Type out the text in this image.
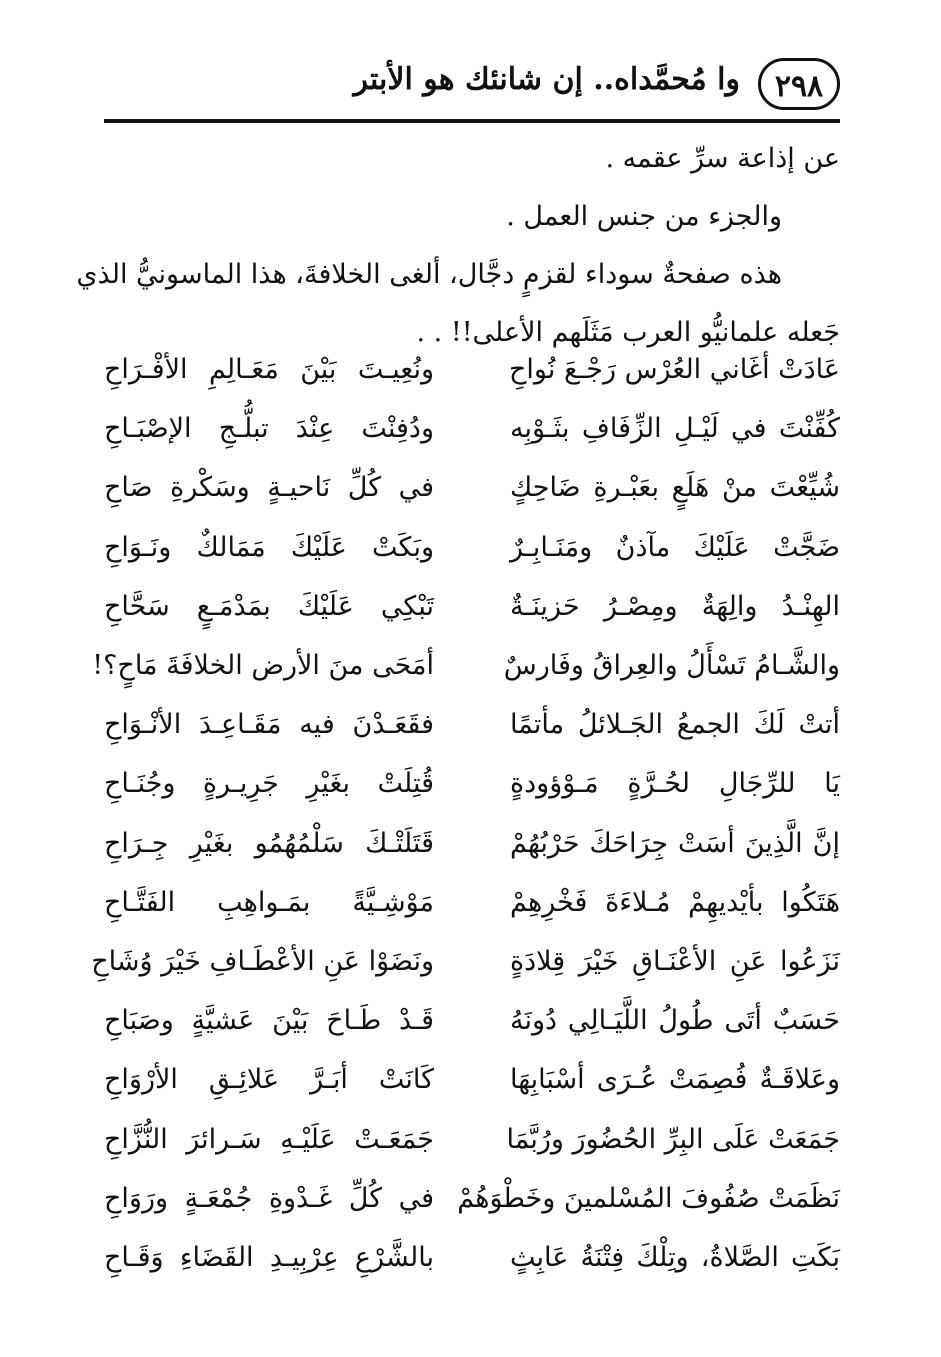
٢٩٨
وا مُحمَّداه.. إن شانئك هو الأبتر

عن إذاعة سرِّ عقمه .

والجزء من جنس العمل .

هذه صفحةٌ سوداء لقزمٍ دجَّال، ألغى الخلافةَ، هذا الماسونيُّ الذي

جَعله علمانيُّو العرب مَثَلَهم الأعلى!! . .

عَادَتْ أغَاني العُرْس رَجْـعَ نُواحِ
ونُعِيـتَ بَيْنَ مَعَـالِمِ الأفْـرَاحِ
كُفِّنْتَ في لَيْـلِ الزِّفَافِ بثَـوْبِه
ودُفِنْتَ عِنْدَ تبلُّـجِ الإصْبَـاحِ
شُيِّعْتَ منْ هَلَعٍ بعَبْـرةِ ضَاحِكٍ
في كُلِّ نَاحيـةٍ وسَكْرةِ صَاحِ
ضَجَّتْ عَلَيْكَ مآذنٌ ومَنَـابِـرٌ
وبَكَتْ عَلَيْكَ مَمَالكٌ ونَـوَاحِ
الهِنْـدُ والِهَةٌ ومِصْـرُ حَزينَـةٌ
تَبْكِي عَلَيْكَ بمَدْمَـعٍ سَحَّاحِ
والشَّـامُ تَسْأَلُ والعِراقُ وفَارسٌ
أمَحَى منَ الأرض الخلافَةَ مَاحٍ؟!
أتتْ لَكَ الجمعُ الجَـلائلُ مأتمًا
فقَعَـدْنَ فيه مَقَـاعِـدَ الأنْـوَاحِ
يَا للرِّجَالِ لحُـرَّةٍ مَـوْؤودةٍ
قُتِلَتْ بغَيْرِ جَرِيـرةٍ وجُنَـاحِ
إنَّ الَّذِينَ أسَتْ جِرَاحَكَ حَرْبُهُمْ
قَتَلَتْـكَ سَلْمُهُمُو بغَيْرِ جِـرَاحِ
هَتَكُوا بأيْديهِمْ مُـلاءَةَ فَخْرِهِمْ
مَوْشِـيَّةً بمَـواهِبِ الفَتَّـاحِ
نَزَعُوا عَنِ الأعْنَـاقِ خَيْرَ قِلادَةٍ
ونَضَوْا عَنِ الأعْطَـافِ خَيْرَ وُشَاحِ
حَسَبٌ أتَى طُولُ اللَّيَـالِي دُونَهُ
قَـدْ طَـاحَ بَيْنَ عَشيَّةٍ وصَبَاحِ
وعَلاقَـةٌ فُصِمَتْ عُـرَى أسْبَابِهَا
كَانَتْ أبَـرَّ عَلائِـقِ الأرْوَاحِ
جَمَعَتْ عَلَى البِرِّ الحُضُورَ ورُبَّمَا
جَمَعَـتْ عَلَيْـهِ سَـرائرَ النُّزَّاحِ
نَظَمَتْ صُفُوفَ المُسْلمينَ وخَطْوَهُمْ
في كُلِّ غَـدْوةِ جُمْعَـةٍ ورَوَاحِ
بَكَتِ الصَّلاةُ، وتِلْكَ فِتْنَةُ عَابِثٍ
بالشَّرْعِ عِرْبِيـدِ القَضَاءِ وَقَـاحِ
